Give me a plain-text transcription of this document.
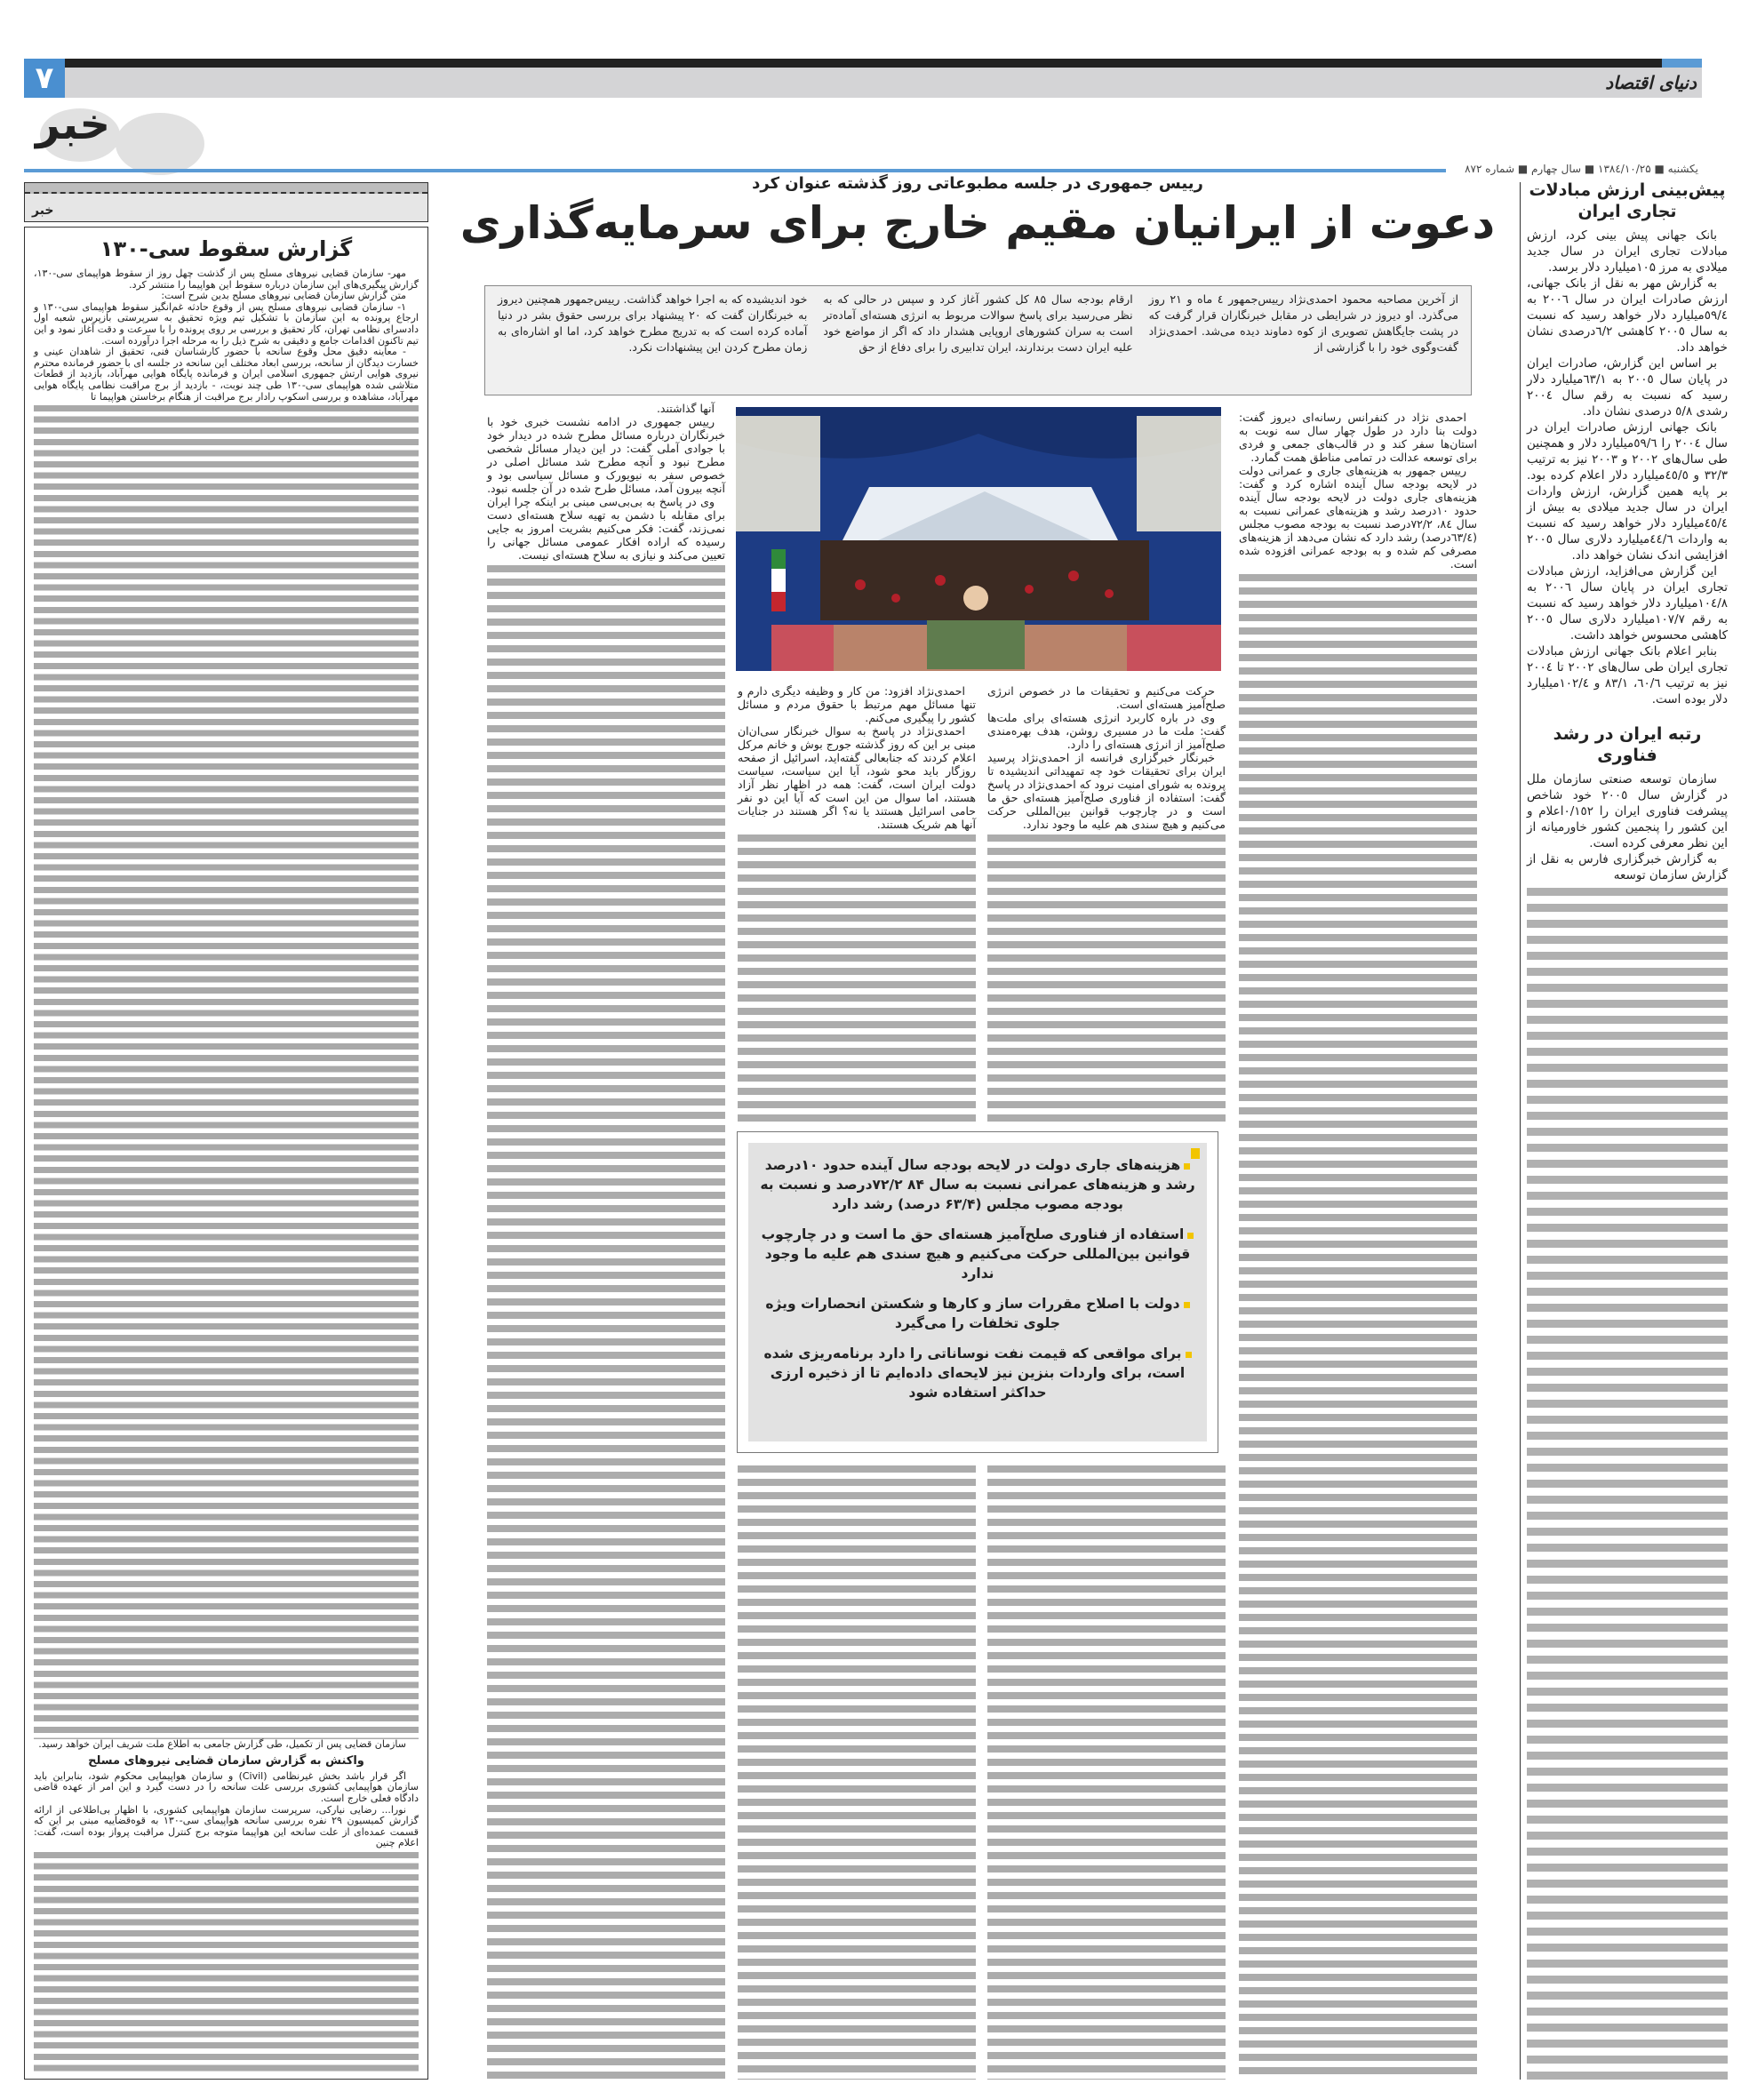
۷	دنیای اقتصاد
خبر
یکشنبه ■ ۱۳۸٤/۱۰/۲۵ ■ سال چهارم ■ شماره ۸۷۲
خبر
گزارش سقوط سی-۱۳۰

مهر- سازمان قضایی نیروهای مسلح پس از گذشت چهل روز از سقوط هواپیمای سی-۱۳۰، گزارش پیگیری‌های این سازمان درباره سقوط این هواپیما را منتشر کرد.

متن گزارش سازمان قضایی نیروهای مسلح بدین شرح است:

۱- سازمان قضایی نیروهای مسلح پس از وقوع حادثه غم‌انگیز سقوط هواپیمای سی-۱۳۰ و ارجاع پرونده به این سازمان با تشکیل تیم ویژه تحقیق به سرپرستی بازپرس شعبه اول دادسرای نظامی تهران، کار تحقیق و بررسی بر روی پرونده را با سرعت و دقت آغاز نمود و این تیم تاکنون اقدامات جامع و دقیقی به شرح ذیل را به مرحله اجرا درآورده است.

- معاینه دقیق محل وقوع سانحه با حضور کارشناسان فنی، تحقیق از شاهدان عینی و خسارت دیدگان از سانحه، بررسی ابعاد مختلف این سانحه در جلسه ای با حضور فرمانده محترم نیروی هوایی ارتش جمهوری اسلامی ایران و فرمانده پایگاه هوایی مهرآباد، بازدید از قطعات متلاشی شده هواپیمای سی-۱۳۰ طی چند نوبت، - بازدید از برج مراقبت نظامی پایگاه هوایی مهرآباد، مشاهده و بررسی اسکوپ رادار برج مراقبت از هنگام برخاستن هواپیما تا

سازمان قضایی پس از تکمیل، طی گزارش جامعی به اطلاع ملت شریف ایران خواهد رسید.

واکنش به گزارش سازمان قضایی نیروهای مسلح

اگر قرار باشد بخش غیرنظامی (Civil) و سازمان هواپیمایی محکوم شود، بنابراین باید سازمان هواپیمایی کشوری بررسی علت سانحه را در دست گیرد و این امر از عهده قاضی دادگاه فعلی خارج است.

نورا... رضایی نیارکی، سرپرست سازمان هواپیمایی کشوری، با اظهار بی‌اطلاعی از ارائه گزارش کمیسیون ۲۹ نفره بررسی سانحه هواپیمای سی-۱۳۰ به قوه‌قضاییه مبنی بر این که قسمت عمده‌ای از علت سانحه این هواپیما متوجه برج کنترل مراقبت پرواز بوده است، گفت: اعلام چنین

رییس جمهوری در جلسه مطبوعاتی روز گذشته عنوان کرد
دعوت از ایرانیان مقیم خارج برای سرمایه‌گذاری

از آخرین مصاحبه محمود احمدی‌نژاد رییس‌جمهور ٤ ماه و ۲۱ روز می‌گذرد. او دیروز در شرایطی در مقابل خبرنگاران قرار گرفت که در پشت جایگاهش تصویری از کوه دماوند دیده می‌شد. احمدی‌نژاد گفت‌وگوی خود را با گزارشی از

ارقام بودجه سال ۸۵ کل کشور آغاز کرد و سپس در حالی که به نظر می‌رسید برای پاسخ سوالات مربوط به انرژی هسته‌ای آماده‌تر است به سران کشورهای اروپایی هشدار داد که اگر از مواضع خود علیه ایران دست برندارند، ایران تدابیری را برای دفاع از حق

خود اندیشیده که به اجرا خواهد گذاشت. رییس‌جمهور همچنین دیروز به خبرنگاران گفت که ۲۰ پیشنهاد برای بررسی حقوق بشر در دنیا آماده کرده است که به تدریج مطرح خواهد کرد، اما او اشاره‌ای به زمان مطرح کردن این پیشنهادات نکرد.

احمدی نژاد در کنفرانس رسانه‌ای دیروز گفت: دولت بنا دارد در طول چهار سال سه نوبت به استان‌ها سفر کند و در قالب‌های جمعی و فردی برای توسعه عدالت در تمامی مناطق همت گمارد.

رییس جمهور به هزینه‌های جاری و عمرانی دولت در لایحه بودجه سال آینده اشاره کرد و گفت: هزینه‌های جاری دولت در لایحه بودجه سال آینده حدود ۱۰درصد رشد و هزینه‌های عمرانی نسبت به سال ۸٤، ۷۲/۲درصد نسبت به بودجه مصوب مجلس (٦۳/٤درصد) رشد دارد که نشان می‌دهد از هزینه‌های مصرفی کم شده و به بودجه عمرانی افزوده شده است.

حرکت می‌کنیم و تحقیقات ما در خصوص انرژی صلح‌آمیز هسته‌ای است.

وی در باره کاربرد انرژی هسته‌ای برای ملت‌ها گفت: ملت ما در مسیری روشن، هدف بهره‌مندی صلح‌آمیز از انرژی هسته‌ای را دارد.

خبرنگار خبرگزاری فرانسه از احمدی‌نژاد پرسید ایران برای تحقیقات خود چه تمهیداتی اندیشیده تا پرونده به شورای امنیت نرود که احمدی‌نژاد در پاسخ گفت: استفاده از فناوری صلح‌آمیز هسته‌ای حق ما است و در چارچوب قوانین بین‌المللی حرکت می‌کنیم و هیچ سندی هم علیه ما وجود ندارد.

احمدی‌نژاد افزود: من کار و وظیفه دیگری دارم و تنها مسائل مهم مرتبط با حقوق مردم و مسائل کشور را پیگیری می‌کنم.

احمدی‌نژاد در پاسخ به سوال خبرنگار سی‌ان‌ان مبنی بر این که روز گذشته جورج بوش و خانم مرکل اعلام کردند که جنابعالی گفته‌اید، اسرائیل از صفحه روزگار باید محو شود، آیا این سیاست، سیاست دولت ایران است، گفت: همه در اظهار نظر آزاد هستند، اما سوال من این است که آیا این دو نفر حامی اسرائیل هستند یا نه؟ اگر هستند در جنایات آنها هم شریک هستند.

آنها گذاشتند.

رییس جمهوری در ادامه نشست خبری خود با خبرنگاران درباره مسائل مطرح شده در دیدار خود با جوادی آملی گفت: در این دیدار مسائل شخصی مطرح نبود و آنچه مطرح شد مسائل اصلی در خصوص سفر به نیویورک و مسائل سیاسی بود و آنچه بیرون آمد، مسائل طرح شده در آن جلسه نبود.

وی در پاسخ به بی‌بی‌سی مبنی بر اینکه چرا ایران برای مقابله با دشمن به تهیه سلاح هسته‌ای دست نمی‌زند، گفت: فکر می‌کنیم بشریت امروز به جایی رسیده که اراده افکار عمومی مسائل جهانی را تعیین می‌کند و نیازی به سلاح هسته‌ای نیست.

هزینه‌های جاری دولت در لایحه بودجه سال آینده حدود ۱۰درصد رشد و هزینه‌های عمرانی نسبت به سال ۸۴ ۷۲/۲درصد و نسبت به بودجه مصوب مجلس (۶۳/۴ درصد) رشد دارد

استفاده از فناوری صلح‌آمیز هسته‌ای حق ما است و در چارچوب قوانین بین‌المللی حرکت می‌کنیم و هیچ سندی هم علیه ما وجود ندارد

دولت با اصلاح مقررات ساز و کارها و شکستن انحصارات ویژه جلوی تخلفات را می‌گیرد

برای مواقعی که قیمت نفت نوساناتی را دارد برنامه‌ریزی شده است، برای واردات بنزین نیز لایحه‌ای داده‌ایم تا از ذخیره ارزی حداکثر استفاده شود

پیش‌بینی ارزش مبادلات تجاری ایران

بانک جهانی پیش بینی کرد، ارزش مبادلات تجاری ایران در سال جدید میلادی به مرز ۱۰۵میلیارد دلار برسد.

به گزارش مهر به نقل از بانک جهانی، ارزش صادرات ایران در سال ۲۰۰٦ به ٥۹/٤میلیارد دلار خواهد رسید که نسبت به سال ۲۰۰٥ کاهشی ٦/۲درصدی نشان خواهد داد.

بر اساس این گزارش، صادرات ایران در پایان سال ۲۰۰٥ به ٦۳/۱میلیارد دلار رسید که نسبت به رقم سال ۲۰۰٤ رشدی ٥/۸ درصدی نشان داد.

بانک جهانی ارزش صادرات ایران در سال ۲۰۰٤ را ٥۹/٦میلیارد دلار و همچنین طی سال‌های ۲۰۰۲ و ۲۰۰۳ نیز به ترتیب ۳۲/۳ و ٤٥/٥میلیارد دلار اعلام کرده بود. بر پایه همین گزارش، ارزش واردات ایران در سال جدید میلادی به بیش از ٤٥/٤میلیارد دلار خواهد رسید که نسبت به واردات ٤٤/٦میلیارد دلاری سال ۲۰۰٥ افزایشی اندک نشان خواهد داد.

این گزارش می‌افزاید، ارزش مبادلات تجاری ایران در پایان سال ۲۰۰٦ به ۱۰٤/۸میلیارد دلار خواهد رسید که نسبت به رقم ۱۰۷/۷میلیارد دلاری سال ۲۰۰٥ کاهشی محسوس خواهد داشت.

بنابر اعلام بانک جهانی ارزش مبادلات تجاری ایران طی سال‌های ۲۰۰۲ تا ۲۰۰٤ نیز به ترتیب ٦۰/٦، ۸۳/۱ و ۱۰۲/٤میلیارد دلار بوده است.

رتبه ایران در رشد فناوری

سازمان توسعه صنعتی سازمان ملل در گزارش سال ۲۰۰٥ خود شاخص پیشرفت فناوری ایران را ۰/۱٥۲اعلام و این کشور را پنجمین کشور خاورمیانه از این نظر معرفی کرده است.

به گزارش خبرگزاری فارس به نقل از گزارش سازمان توسعه
